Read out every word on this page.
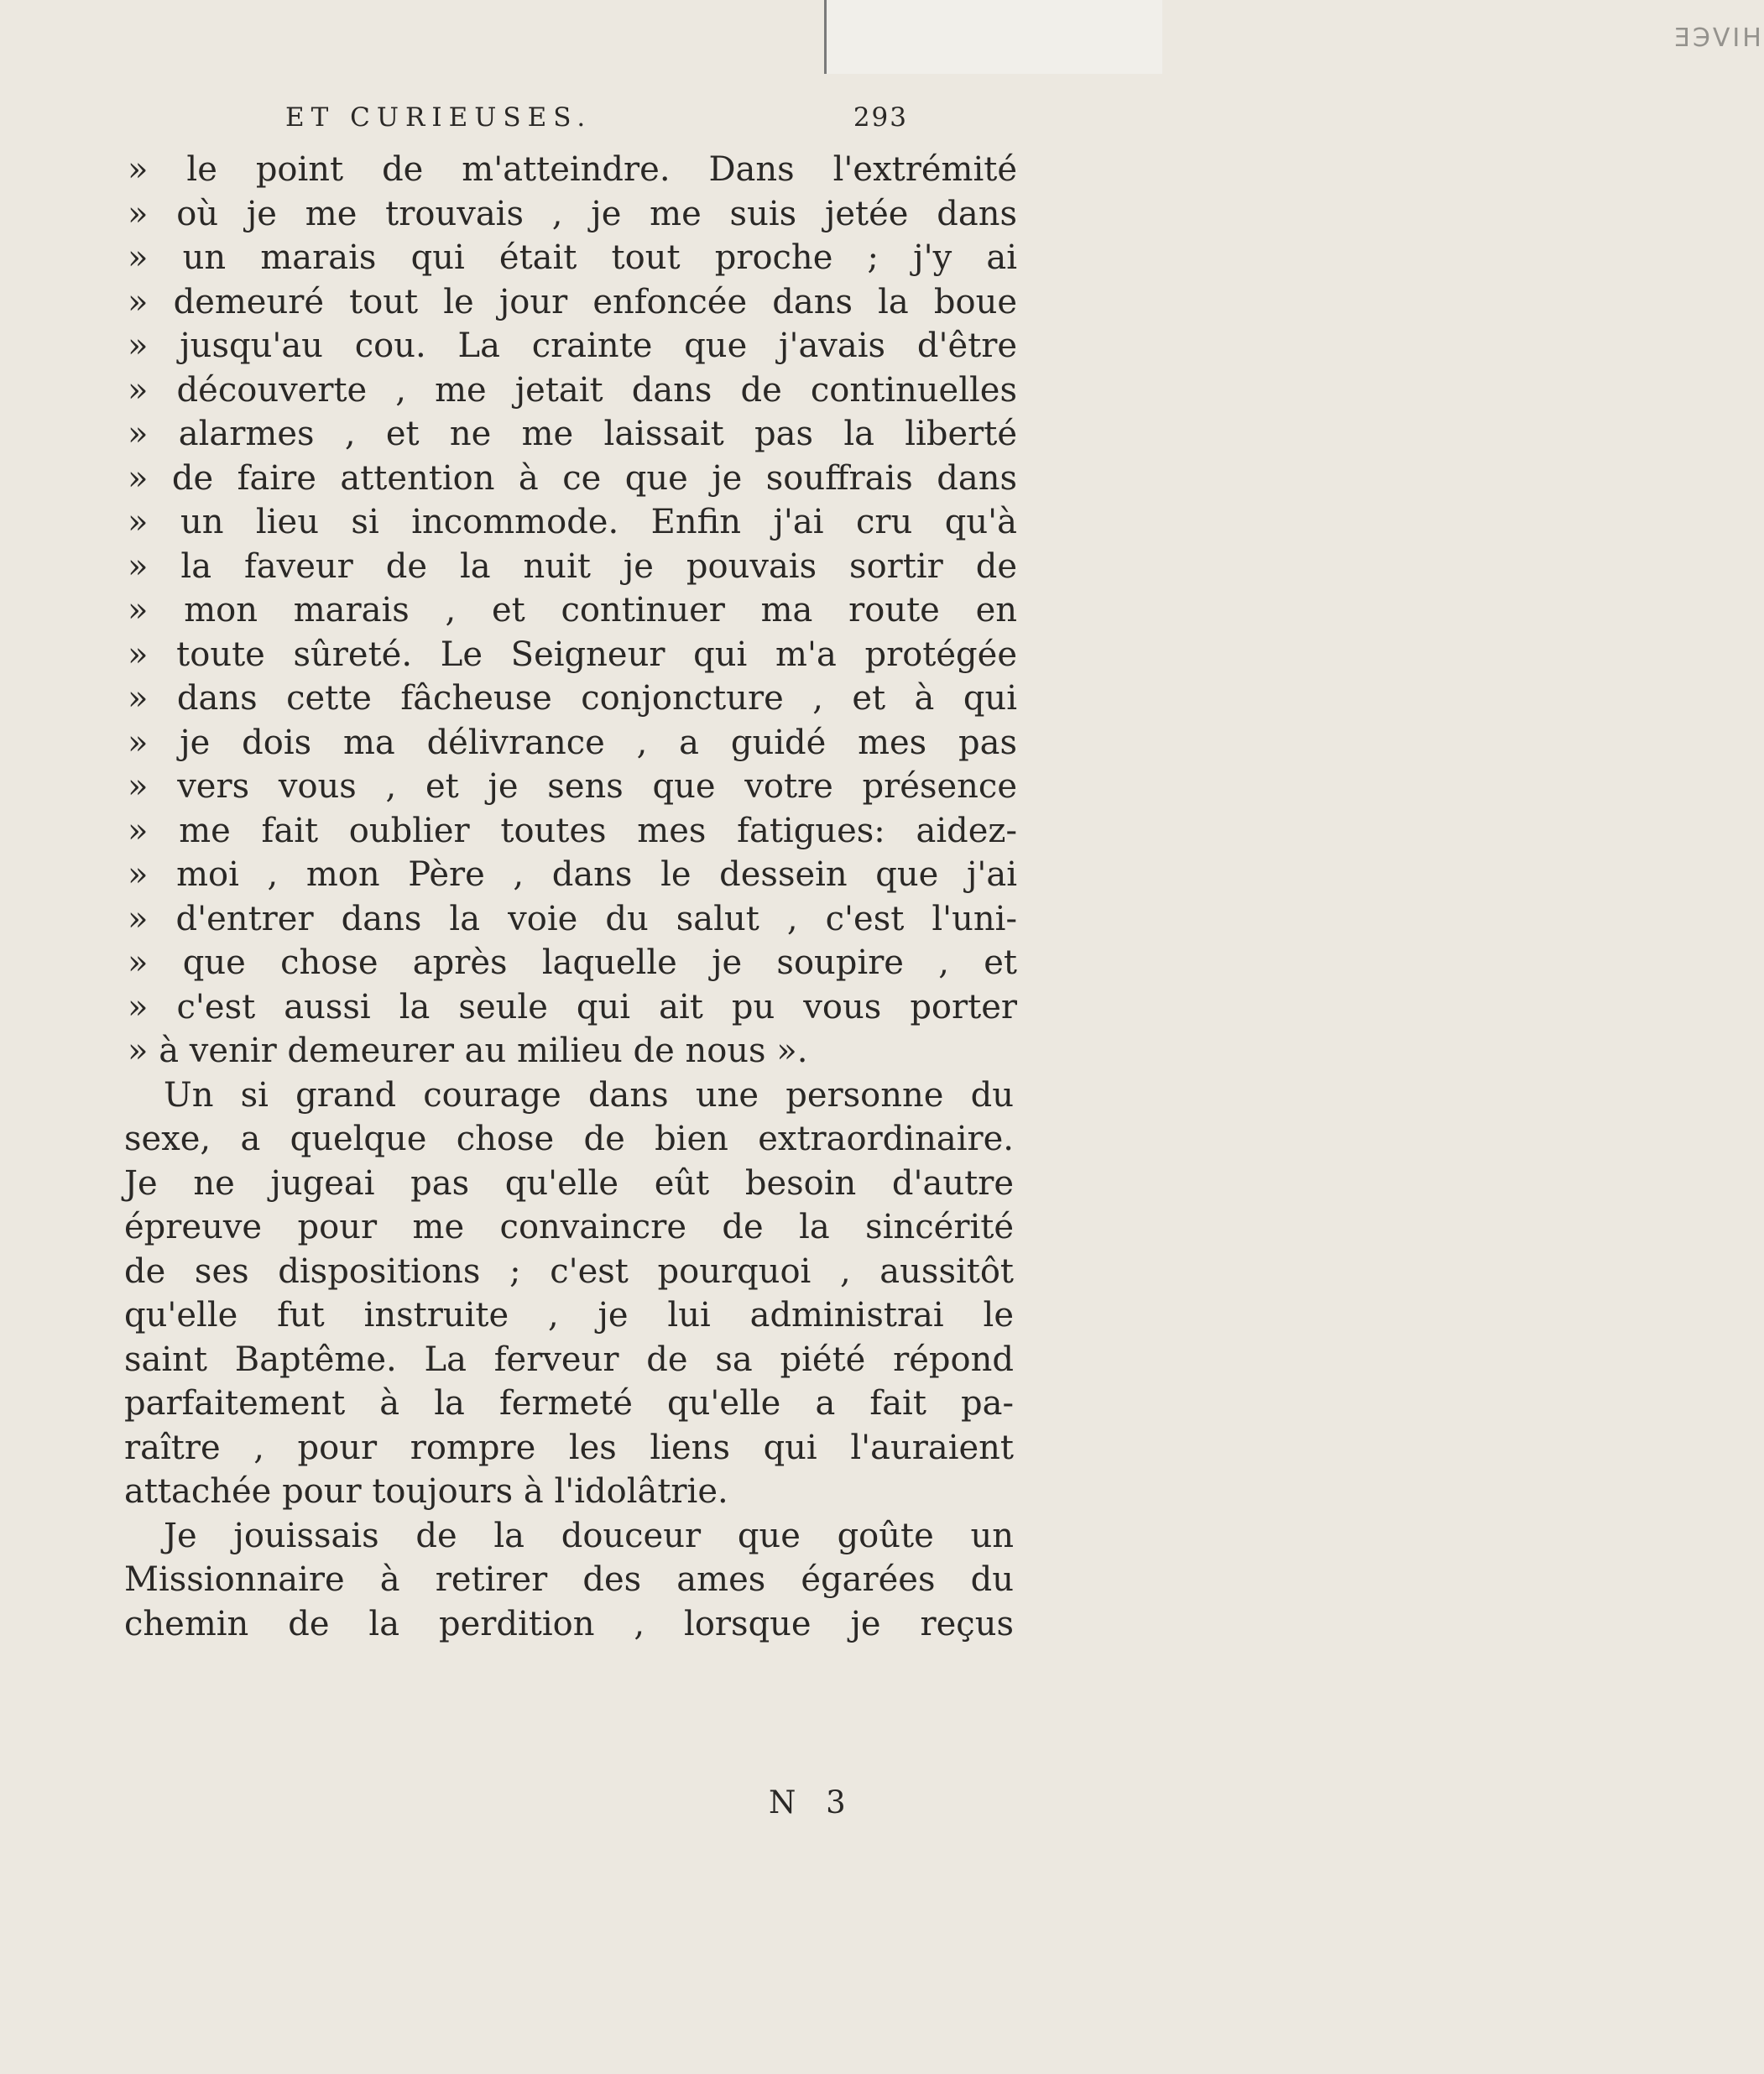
ƎЭVIH
ET CURIEUSES.	293
» le point de m'atteindre. Dans l'extrémité
» où je me trouvais , je me suis jetée dans
» un marais qui était tout proche ; j'y ai
» demeuré tout le jour enfoncée dans la boue
» jusqu'au cou. La crainte que j'avais d'être
» découverte , me jetait dans de continuelles
» alarmes , et ne me laissait pas la liberté
» de faire attention à ce que je souffrais dans
» un lieu si incommode. Enfin j'ai cru qu'à
» la faveur de la nuit je pouvais sortir de
» mon marais , et continuer ma route en
» toute sûreté. Le Seigneur qui m'a protégée
» dans cette fâcheuse conjoncture , et à qui
» je dois ma délivrance , a guidé mes pas
» vers vous , et je sens que votre présence
» me fait oublier toutes mes fatigues: aidez-
» moi , mon Père , dans le dessein que j'ai
» d'entrer dans la voie du salut , c'est l'uni-
» que chose après laquelle je soupire , et
» c'est aussi la seule qui ait pu vous porter
» à venir demeurer au milieu de nous ».
Un si grand courage dans une personne du
sexe, a quelque chose de bien extraordinaire.
Je ne jugeai pas qu'elle eût besoin d'autre
épreuve pour me convaincre de la sincérité
de ses dispositions ; c'est pourquoi , aussitôt
qu'elle fut instruite , je lui administrai le
saint Baptême. La ferveur de sa piété répond
parfaitement à la fermeté qu'elle a fait pa-
raître , pour rompre les liens qui l'auraient
attachée pour toujours à l'idolâtrie.
Je jouissais de la douceur que goûte un
Missionnaire à retirer des ames égarées du
chemin de la perdition , lorsque je reçus
N 3
